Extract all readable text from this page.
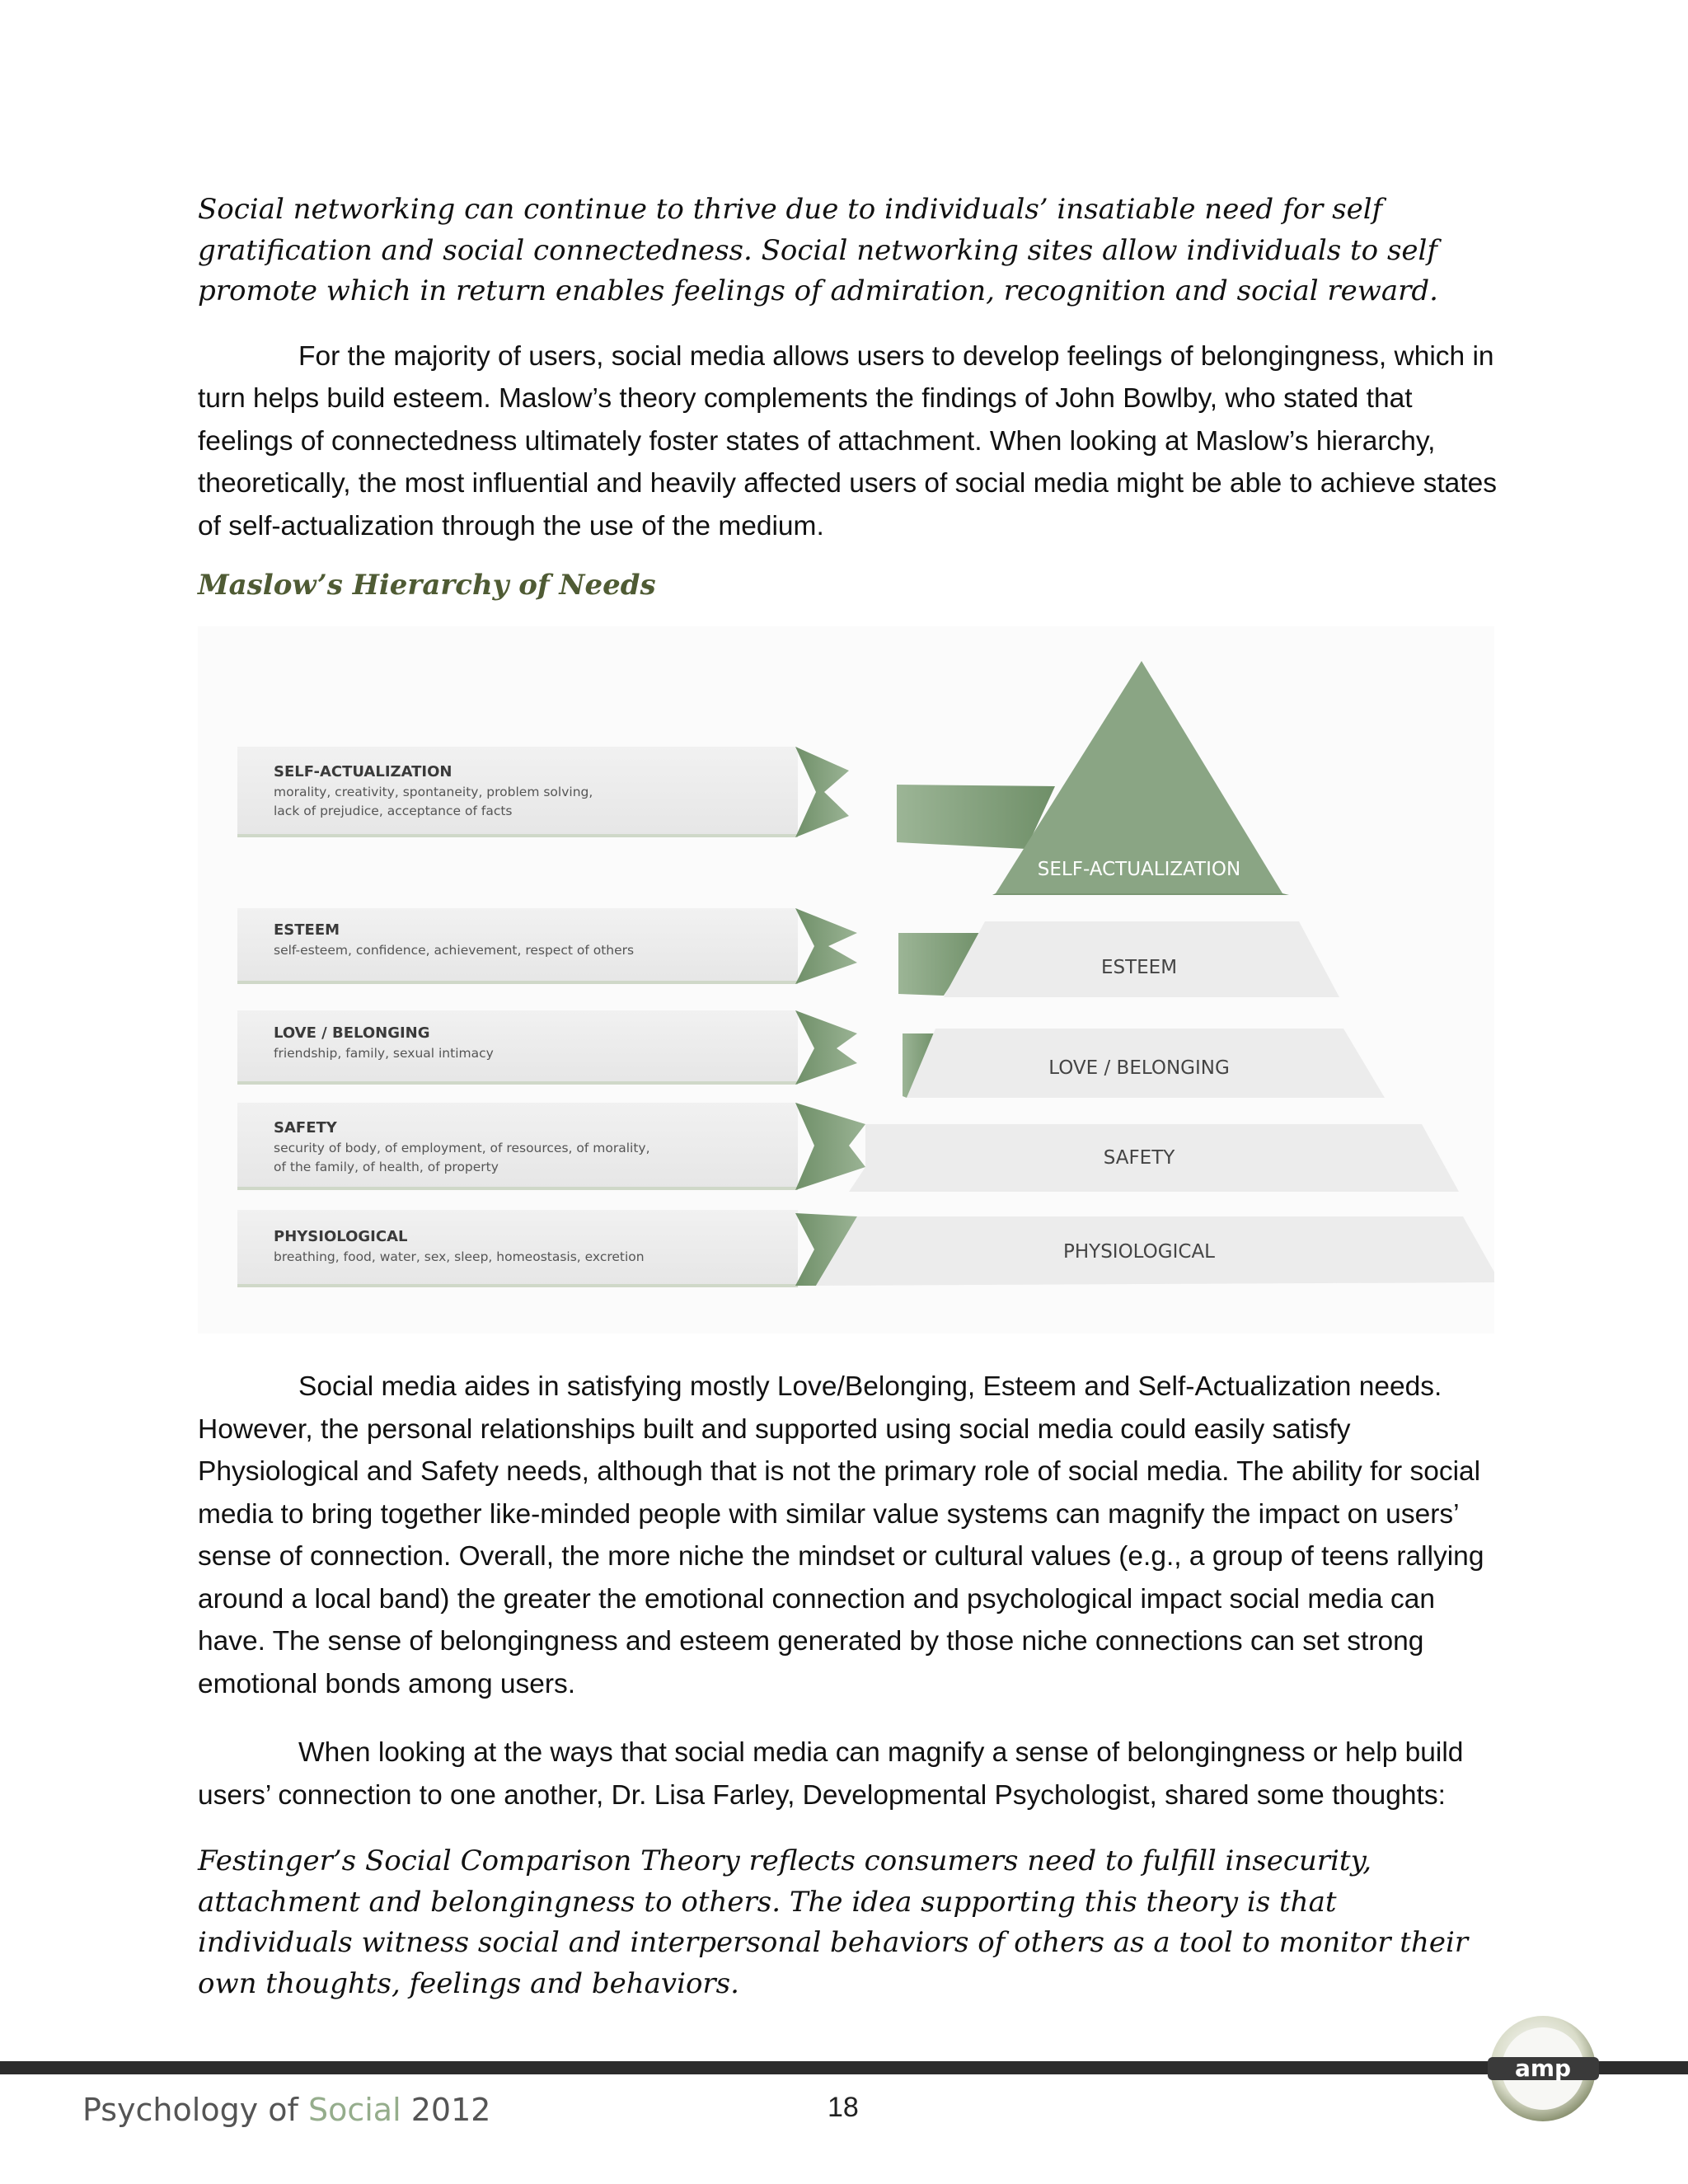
Social networking can continue to thrive due to individuals’ insatiable need for self gratification and social connectedness. Social networking sites allow individuals to self promote which in return enables feelings of admiration, recognition and social reward.

For the majority of users, social media allows users to develop feelings of belongingness, which in turn helps build esteem. Maslow’s theory complements the findings of John Bowlby, who stated that feelings of connectedness ultimately foster states of attachment. When looking at Maslow’s hierarchy, theoretically, the most influential and heavily affected users of social media might be able to achieve states of self-actualization through the use of the medium.

Maslow’s Hierarchy of Needs

SELF-ACTUALIZATION
morality, creativity, spontaneity, problem solving,
lack of prejudice, acceptance of facts
SELF-ACTUALIZATION
ESTEEM
self-esteem, confidence, achievement, respect of others
ESTEEM
LOVE / BELONGING
friendship, family, sexual intimacy
LOVE / BELONGING
SAFETY
security of body, of employment, of resources, of morality,
of the family, of health, of property	SAFETY
PHYSIOLOGICAL
breathing, food, water, sex, sleep, homeostasis, excretion	PHYSIOLOGICAL

Social media aides in satisfying mostly Love/Belonging, Esteem and Self-Actualization needs. However, the personal relationships built and supported using social media could easily satisfy Physiological and Safety needs, although that is not the primary role of social media. The ability for social media to bring together like-minded people with similar value systems can magnify the impact on users’ sense of connection. Overall, the more niche the mindset or cultural values (e.g., a group of teens rallying around a local band) the greater the emotional connection and psychological impact social media can have. The sense of belongingness and esteem generated by those niche connections can set strong emotional bonds among users.

When looking at the ways that social media can magnify a sense of belongingness or help build users’ connection to one another, Dr. Lisa Farley, Developmental Psychologist, shared some thoughts:

Festinger’s Social Comparison Theory reflects consumers need to fulfill insecurity, attachment and belongingness to others. The idea supporting this theory is that individuals witness social and interpersonal behaviors of others as a tool to monitor their own thoughts, feelings and behaviors.

Psychology of Social 2012	18
amp
